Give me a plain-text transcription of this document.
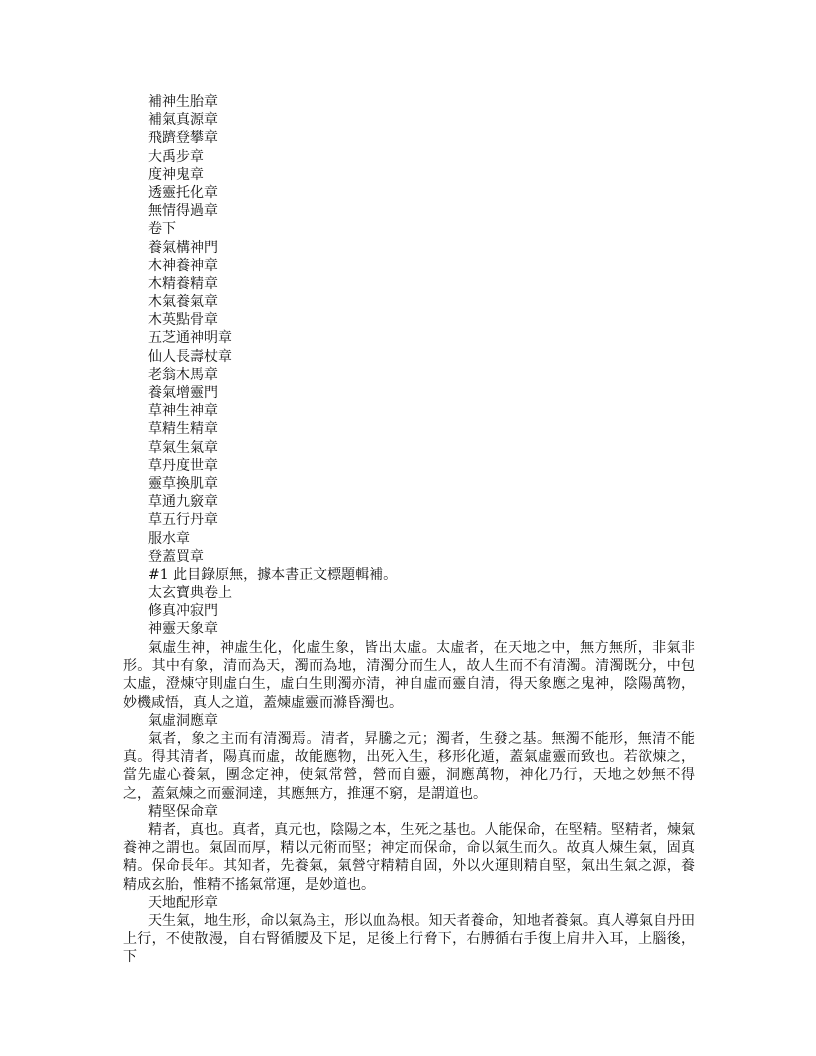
補神生胎章
補氣真源章
飛躋登攀章
大禹步章
度神鬼章
透靈托化章
無情得過章
卷下
養氣構神門
木神養神章
木精養精章
木氣養氣章
木英點骨章
五芝通神明章
仙人長壽杖章
老翁木馬章
養氣增靈門
草神生神章
草精生精章
草氣生氣章
草丹度世章
靈草換肌章
草通九竅章
草五行丹章
服水章
登蓋買章
#1 此目錄原無，據本書正文標題輯補。
太玄寶典卷上
修真冲寂門
神靈天象章

氣虛生神，神虛生化，化虛生象，皆出太虛。太虛者，在天地之中，無方無所，非氣非形。其中有象，清而為天，濁而為地，清濁分而生人，故人生而不有清濁。清濁既分，中包太虛，澄煉守則虛白生，虛白生則濁亦清，神自虛而靈自清，得天象應之鬼神，陰陽萬物，妙機咸悟，真人之道，蓋煉虛靈而滌昏濁也。

氣虛洞應章

氣者，象之主而有清濁焉。清者，昇騰之元；濁者，生發之基。無濁不能形，無清不能真。得其清者，陽真而虛，故能應物，出死入生，移形化遁，蓋氣虛靈而致也。若欲煉之，當先虛心養氣，團念定神，使氣常營，營而自靈，洞應萬物，神化乃行，天地之妙無不得之，蓋氣煉之而靈洞達，其應無方，推運不窮，是謂道也。

精堅保命章

精者，真也。真者，真元也，陰陽之本，生死之基也。人能保命，在堅精。堅精者，煉氣養神之謂也。氣固而厚，精以元術而堅；神定而保命，命以氣生而久。故真人煉生氣，固真精。保命長年。其知者，先養氣，氣營守精精自固，外以火運則精自堅，氣出生氣之源，養精成玄胎，惟精不搖氣常運，是妙道也。

天地配形章

天生氣，地生形，命以氣為主，形以血為根。知天者養命，知地者養氣。真人導氣自丹田上行，不使散漫，自右腎循腰及下足，足後上行脅下，右膊循右手復上肩井入耳，上腦後，下
